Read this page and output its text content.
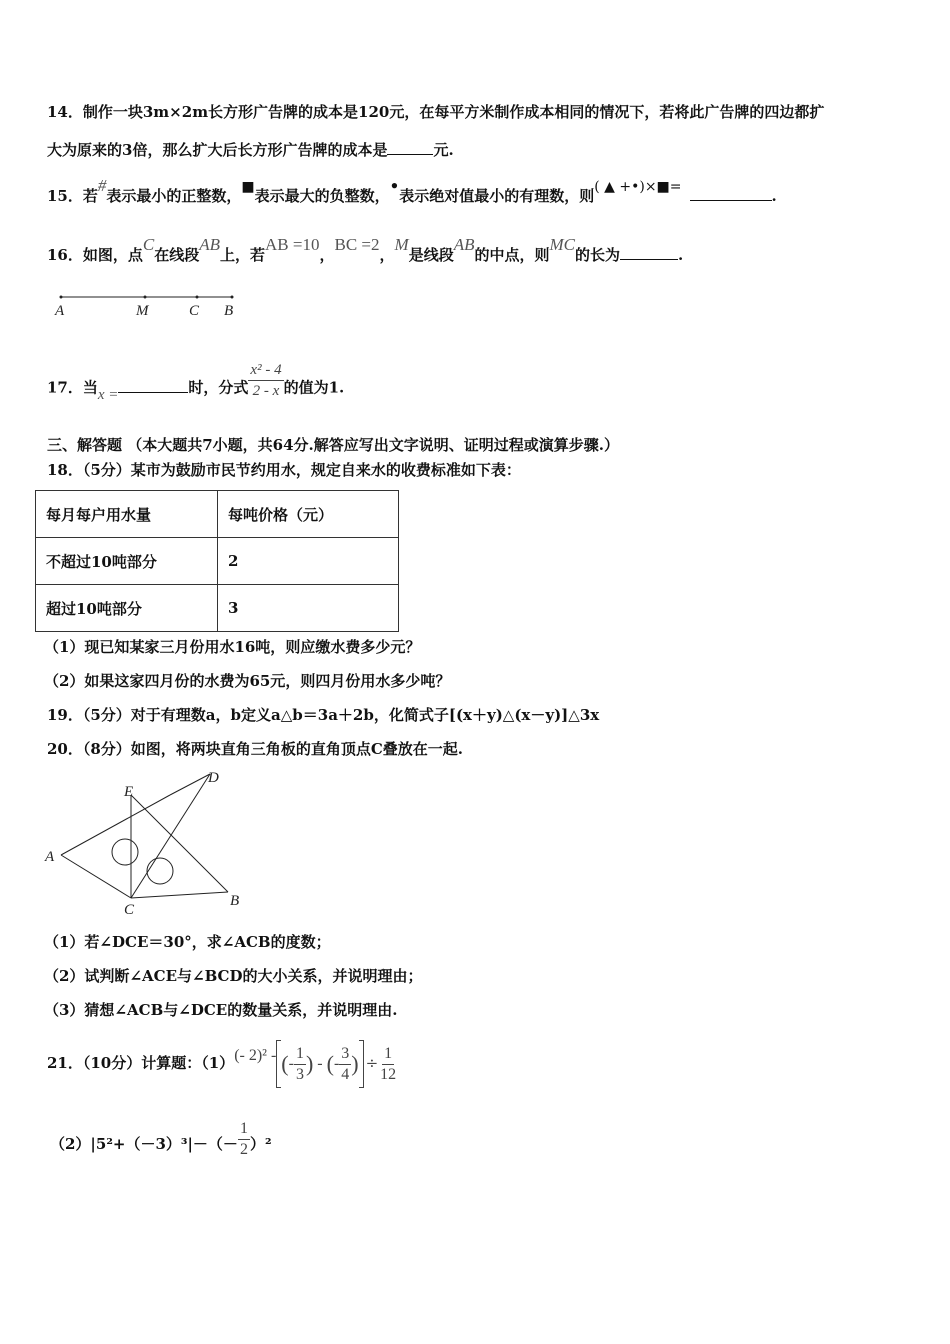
14．制作一块3m×2m长方形广告牌的成本是120元，在每平方米制作成本相同的情况下，若将此广告牌的四边都扩
大为原来的3倍，那么扩大后长方形广告牌的成本是	元.
15．若#表示最小的正整数，■表示最大的负整数，•表示绝对值最小的有理数，则( ▲ +•)×■=	.
16．如图，点C在线段AB上，若AB =10，BC =2，M是线段AB的中点，则MC的长为	.
A	M	C B
17．当x =	时，分式 $\frac{\text{x² - 4}}{2 - x}$ 的值为1.
三、解答题 （本大题共7小题，共64分.解答应写出文字说明、证明过程或演算步骤.）
18．（5分）某市为鼓励市民节约用水，规定自来水的收费标准如下表：
每月每户用水量	每吨价格（元）
不超过10吨部分	2
超过10吨部分	3
（1）现已知某家三月份用水16吨，则应缴水费多少元？
（2）如果这家四月份的水费为65元，则四月份用水多少吨？
19．（5分）对于有理数a，b定义a△b＝3a＋2b，化简式子[(x＋y)△(x－y)]△3x
20．（8分）如图，将两块直角三角板的直角顶点C叠放在一起.
E
D
A
C
B
（1）若∠DCE＝30°，求∠ACB的度数；
（2）试判断∠ACE与∠BCD的大小关系，并说明理由；
（3）猜想∠ACB与∠DCE的数量关系，并说明理由.
21．（10分）计算题：（1）(- 2)² - (- $\frac{1}{3}$ ) - (- $\frac{3}{4}$ ) ÷ $\frac{1}{12}$
$(2)|5^2+(-3)^3|-(- \frac{1}{2} )^2$
